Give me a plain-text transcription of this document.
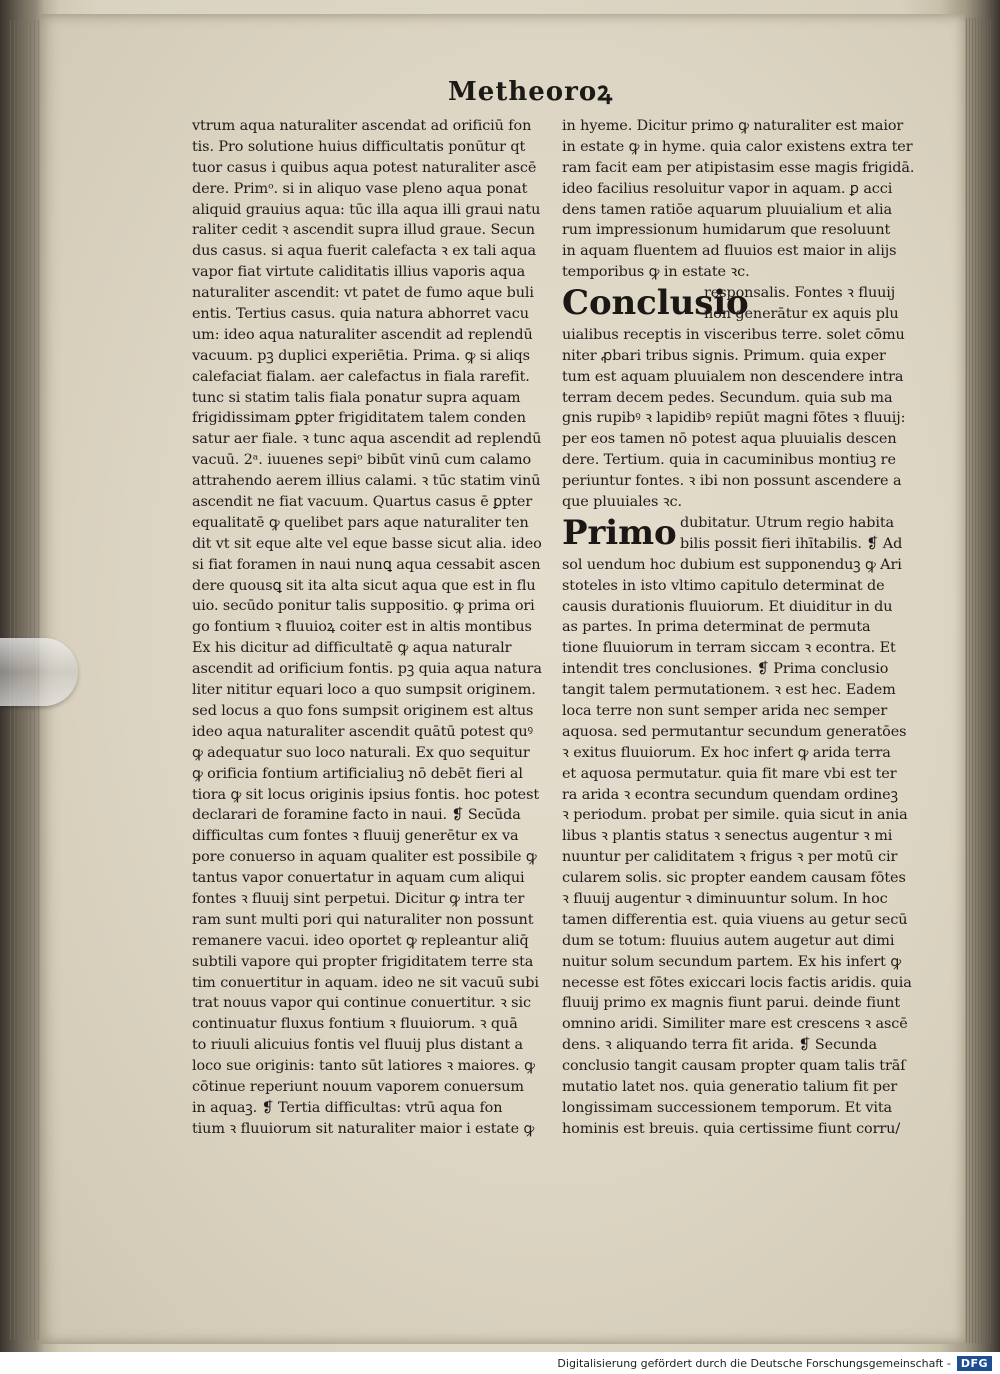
Metheoroꝝ
vtrum aqua naturaliter ascendat ad orificiū fon
tis. Pro solutione huius difficultatis ponūtur qt
tuor casus i quibus aqua potest naturaliter ascē
dere. Primᵒ. si in aliquo vase pleno aqua ponat
aliquid grauius aqua: tūc illa aqua illi graui natu
raliter cedit ꝛ ascendit supra illud graue. Secun
dus casus. si aqua fuerit calefacta ꝛ ex tali aqua
vapor fiat virtute caliditatis illius vaporis aqua
naturaliter ascendit: vt patet de fumo aque buli
entis. Tertius casus. quia natura abhorret vacu
um: ideo aqua naturaliter ascendit ad replendū
vacuum. pꝫ duplici experiētia. Prima. ꝙ si aliqs
calefaciat fialam. aer calefactus in fiala rarefit.
tunc si statim talis fiala ponatur supra aquam
frigidissimam ꝑpter frigiditatem talem conden
satur aer fiale. ꝛ tunc aqua ascendit ad replendū
vacuū. 2ᵃ. iuuenes sepiᵒ bibūt vinū cum calamo
attrahendo aerem illius calami. ꝛ tūc statim vinū
ascendit ne fiat vacuum. Quartus casus ē ꝑpter
equalitatē ꝙ quelibet pars aque naturaliter ten
dit vt sit eque alte vel eque basse sicut alia. ideo
si fiat foramen in naui nunꝗ aqua cessabit ascen
dere quousꝗ sit ita alta sicut aqua que est in flu
uio. secūdo ponitur talis suppositio. ꝙ prima ori
go fontium ꝛ fluuioꝝ coiter est in altis montibus
Ex his dicitur ad difficultatē ꝙ aqua naturalr
ascendit ad orificium fontis. pꝫ quia aqua natura
liter nititur equari loco a quo sumpsit originem.
sed locus a quo fons sumpsit originem est altus
ideo aqua naturaliter ascendit quātū potest quꝰ
ꝙ adequatur suo loco naturali. Ex quo sequitur
ꝙ orificia fontium artificialiuꝫ nō debēt fieri al
tiora ꝙ sit locus originis ipsius fontis. hoc potest
declarari de foramine facto in naui. ❡ Secūda
difficultas cum fontes ꝛ fluuij generētur ex va
pore conuerso in aquam qualiter est possibile ꝙ
tantus vapor conuertatur in aquam cum aliqui
fontes ꝛ fluuij sint perpetui. Dicitur ꝙ intra ter
ram sunt multi pori qui naturaliter non possunt
remanere vacui. ideo oportet ꝙ repleantur aliq̄
subtili vapore qui propter frigiditatem terre sta
tim conuertitur in aquam. ideo ne sit vacuū subi
trat nouus vapor qui continue conuertitur. ꝛ sic
continuatur fluxus fontium ꝛ fluuiorum. ꝛ quā
to riuuli alicuius fontis vel fluuij plus distant a
loco sue originis: tanto sūt latiores ꝛ maiores. ꝙ
cōtinue reperiunt nouum vaporem conuersum
in aquaꝫ. ❡ Tertia difficultas: vtrū aqua fon
tium ꝛ fluuiorum sit naturaliter maior i estate ꝙ
in hyeme. Dicitur primo ꝙ naturaliter est maior
in estate ꝙ in hyme. quia calor existens extra ter
ram facit eam per atipistasim esse magis frigidā.
ideo facilius resoluitur vapor in aquam. ꝑ acci
dens tamen ratiōe aquarum pluuialium et alia
rum impressionum humidarum que resoluunt
in aquam fluentem ad fluuios est maior in alijs
temporibus ꝙ in estate ꝛc.
Conclusio
responsalis. Fontes ꝛ fluuij
non generātur ex aquis plu
uialibus receptis in visceribus terre. solet cōmu
niter ꝓbari tribus signis. Primum. quia exper
tum est aquam pluuialem non descendere intra
terram decem pedes. Secundum. quia sub ma
gnis rupibꝰ ꝛ lapidibꝰ repiūt magni fōtes ꝛ fluuij:
per eos tamen nō potest aqua pluuialis descen
dere. Tertium. quia in cacuminibus montiuꝫ re
periuntur fontes. ꝛ ibi non possunt ascendere a
que pluuiales ꝛc.
Primo dubitatur. Utrum regio habita
bilis possit fieri ihītabilis. ❡ Ad
sol uendum hoc dubium est supponenduꝫ ꝙ Ari
stoteles in isto vltimo capitulo determinat de
causis durationis fluuiorum. Et diuiditur in du
as partes. In prima determinat de permuta
tione fluuiorum in terram siccam ꝛ econtra. Et
intendit tres conclusiones. ❡ Prima conclusio
tangit talem permutationem. ꝛ est hec. Eadem
loca terre non sunt semper arida nec semper
aquosa. sed permutantur secundum generatōes
ꝛ exitus fluuiorum. Ex hoc infert ꝙ arida terra
et aquosa permutatur. quia fit mare vbi est ter
ra arida ꝛ econtra secundum quendam ordineꝫ
ꝛ periodum. probat per simile. quia sicut in ania
libus ꝛ plantis status ꝛ senectus augentur ꝛ mi
nuuntur per caliditatem ꝛ frigus ꝛ per motū cir
cularem solis. sic propter eandem causam fōtes
ꝛ fluuij augentur ꝛ diminuuntur solum. In hoc
tamen differentia est. quia viuens au getur secū
dum se totum: fluuius autem augetur aut dimi
nuitur solum secundum partem. Ex his infert ꝙ
necesse est fōtes exiccari locis factis aridis. quia
fluuij primo ex magnis fiunt parui. deinde fiunt
omnino aridi. Similiter mare est crescens ꝛ ascē
dens. ꝛ aliquando terra fit arida. ❡ Secunda
conclusio tangit causam propter quam talis trāſ
mutatio latet nos. quia generatio talium fit per
longissimam successionem temporum. Et vita
hominis est breuis. quia certissime fiunt corru/
Digitalisierung gefördert durch die Deutsche Forschungsgemeinschaft - DFG
